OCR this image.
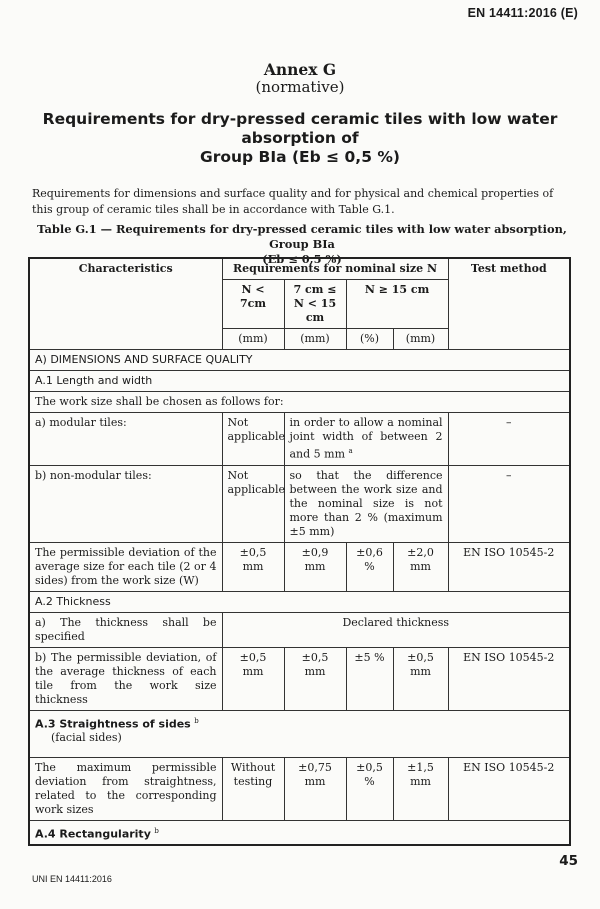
EN 14411:2016 (E)
Annex G
(normative)
Requirements for dry-pressed ceramic tiles with low water absorption of
Group BIa (Eb ≤ 0,5 %)
Requirements for dimensions and surface quality and for physical and chemical properties of this group of ceramic tiles shall be in accordance with Table G.1.
Table G.1 — Requirements for dry-pressed ceramic tiles with low water absorption, Group BIa
(Eb ≤ 0,5 %)
Characteristics	Requirements for nominal size N				Test method
	N < 7cm	7 cm ≤ N < 15 cm	N ≥ 15 cm		
	(mm)	(mm)	(%)	(mm)	
A) DIMENSIONS AND SURFACE QUALITY					
A.1 Length and width					
The work size shall be chosen as follows for:					
a) modular tiles:	Not applicable	in order to allow a nominal joint width of between 2 and 5 mm $^a$			–
b) non-modular tiles:	Not applicable	so that the difference between the work size and the nominal size is not more than 2 % (maximum ±5 mm)			–
The permissible deviation of the average size for each tile (2 or 4 sides) from the work size (W)	±0,5 mm	±0,9 mm	±0,6 %	±2,0 mm	EN ISO 10545-2
A.2 Thickness					
a) The thickness shall be specified	Declared thickness				
b) The permissible deviation, of the average thickness of each tile from the work size thickness	±0,5 mm	±0,5 mm	±5 %	±0,5 mm	EN ISO 10545-2
A.3 Straightness of sides $^b$
(facial sides)					
The maximum permissible deviation from straightness, related to the corresponding work sizes	Without testing	±0,75 mm	±0,5 %	±1,5 mm	EN ISO 10545-2
A.4 Rectangularity $^b$
45
UNI EN 14411:2016
